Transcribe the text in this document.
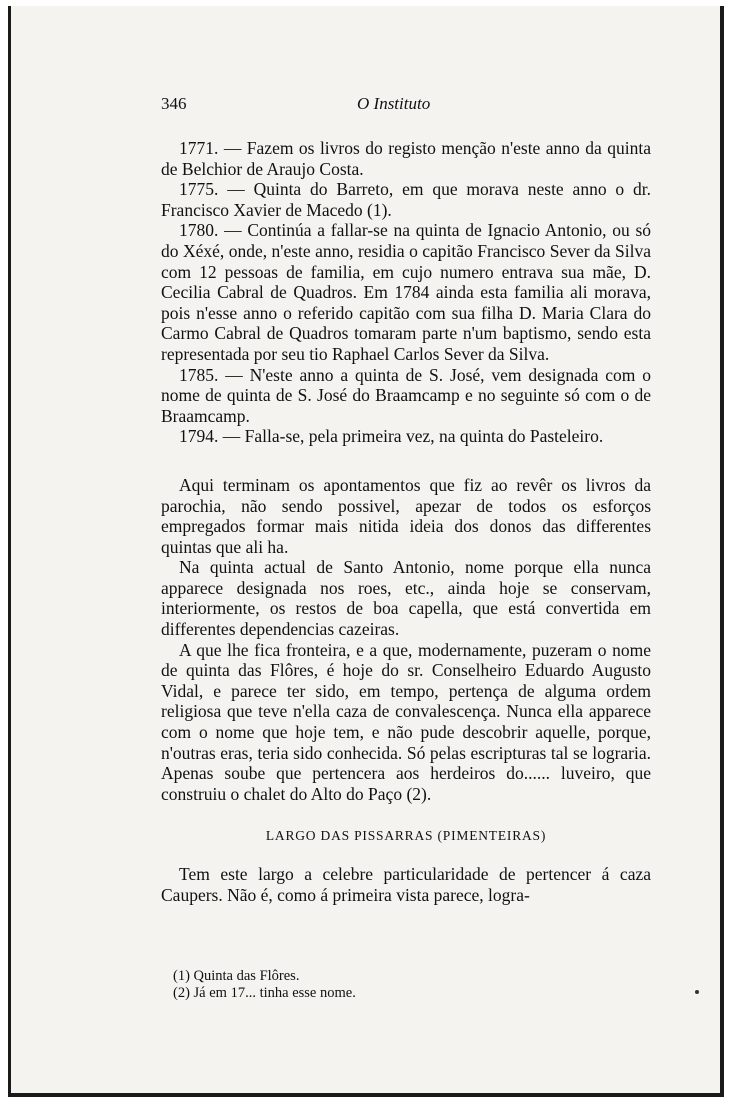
346	O Instituto

1771. — Fazem os livros do registo menção n'este anno da quinta de Belchior de Araujo Costa.

1775. — Quinta do Barreto, em que morava neste anno o dr. Francisco Xavier de Macedo (1).

1780. — Continúa a fallar-se na quinta de Ignacio Antonio, ou só do Xéxé, onde, n'este anno, residia o capitão Francisco Sever da Silva com 12 pessoas de familia, em cujo numero entrava sua mãe, D. Cecilia Cabral de Quadros. Em 1784 ainda esta familia ali morava, pois n'esse anno o referido capitão com sua filha D. Maria Clara do Carmo Cabral de Quadros tomaram parte n'um baptismo, sendo esta representada por seu tio Raphael Carlos Sever da Silva.

1785. — N'este anno a quinta de S. José, vem designada com o nome de quinta de S. José do Braamcamp e no seguinte só com o de Braamcamp.

1794. — Falla-se, pela primeira vez, na quinta do Pasteleiro.

Aqui terminam os apontamentos que fiz ao revêr os livros da parochia, não sendo possivel, apezar de todos os esforços empregados formar mais nitida ideia dos donos das differentes quintas que ali ha.

Na quinta actual de Santo Antonio, nome porque ella nunca apparece designada nos roes, etc., ainda hoje se conservam, interiormente, os restos de boa capella, que está convertida em differentes dependencias cazeiras.

A que lhe fica fronteira, e a que, modernamente, puzeram o nome de quinta das Flôres, é hoje do sr. Conselheiro Eduardo Augusto Vidal, e parece ter sido, em tempo, pertença de alguma ordem religiosa que teve n'ella caza de convalescença. Nunca ella apparece com o nome que hoje tem, e não pude descobrir aquelle, porque, n'outras eras, teria sido conhecida. Só pelas escripturas tal se lograria. Apenas soube que pertencera aos herdeiros do...... luveiro, que construiu o chalet do Alto do Paço (2).

LARGO DAS PISSARRAS (PIMENTEIRAS)

Tem este largo a celebre particularidade de pertencer á caza Caupers. Não é, como á primeira vista parece, logra-

(1) Quinta das Flôres.
(2) Já em 17... tinha esse nome.
